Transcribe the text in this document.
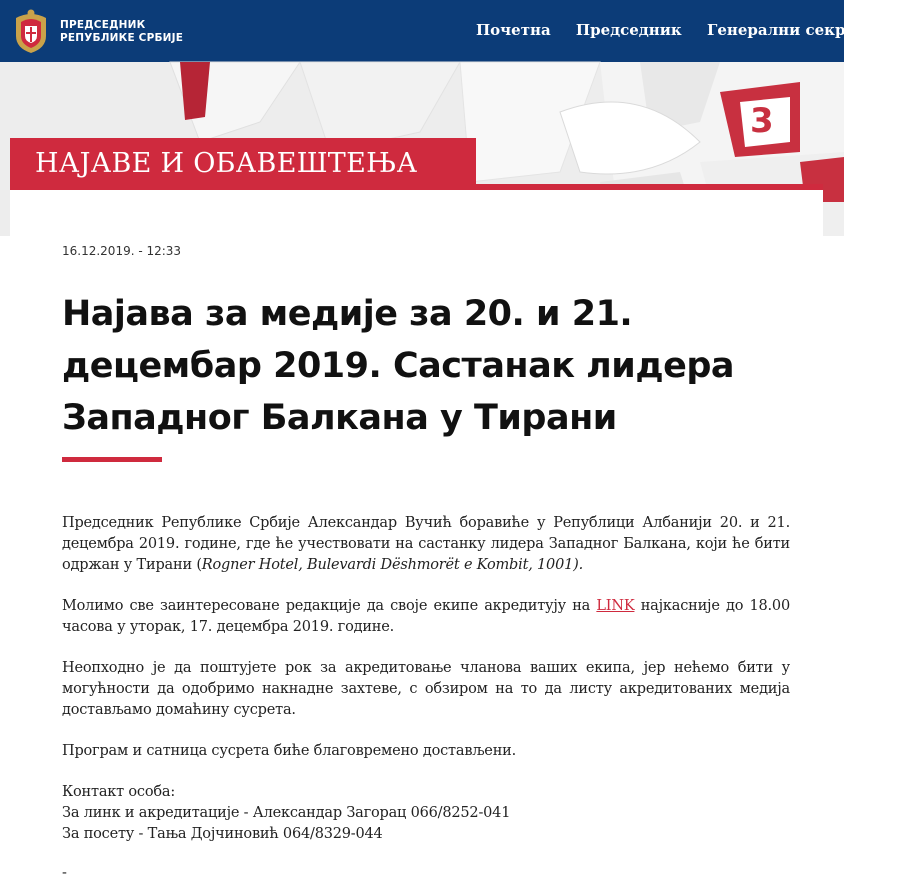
ПРЕДСЕДНИК
РЕПУБЛИКЕ СРБИЈЕ	Почетна Председник Генерални секретар
3
НАЈАВЕ И ОБАВЕШТЕЊА
16.12.2019. - 12:33
Најава за медије за 20. и 21. децембар 2019. Састанак лидера Западног Балкана у Тирани

Председник Републике Србије Александар Вучић боравиће у Републици Албанији 20. и 21. децембра 2019. године, где ће учествовати на састанку лидера Западног Балкана, који ће бити одржан у Тирани (Rogner Hotel, Bulevardi Dëshmorët e Kombit, 1001).

Молимо све заинтересоване редакције да своје екипе акредитују на LINK најкасније до 18.00 часова у уторак, 17. децембра 2019. године.

Неопходно је да поштујете рок за акредитовање чланова ваших екипа, јер нећемо бити у могућности да одобримо накнадне захтеве, с обзиром на то да листу акредитованих медија достављамо домаћину сусрета.

Програм и сатница сусрета биће благовремено достављени.

Контакт особа:

За линк и акредитације - Александар Загорац 066/8252-041

За посету - Тања Дојчиновић 064/8329-044

-
